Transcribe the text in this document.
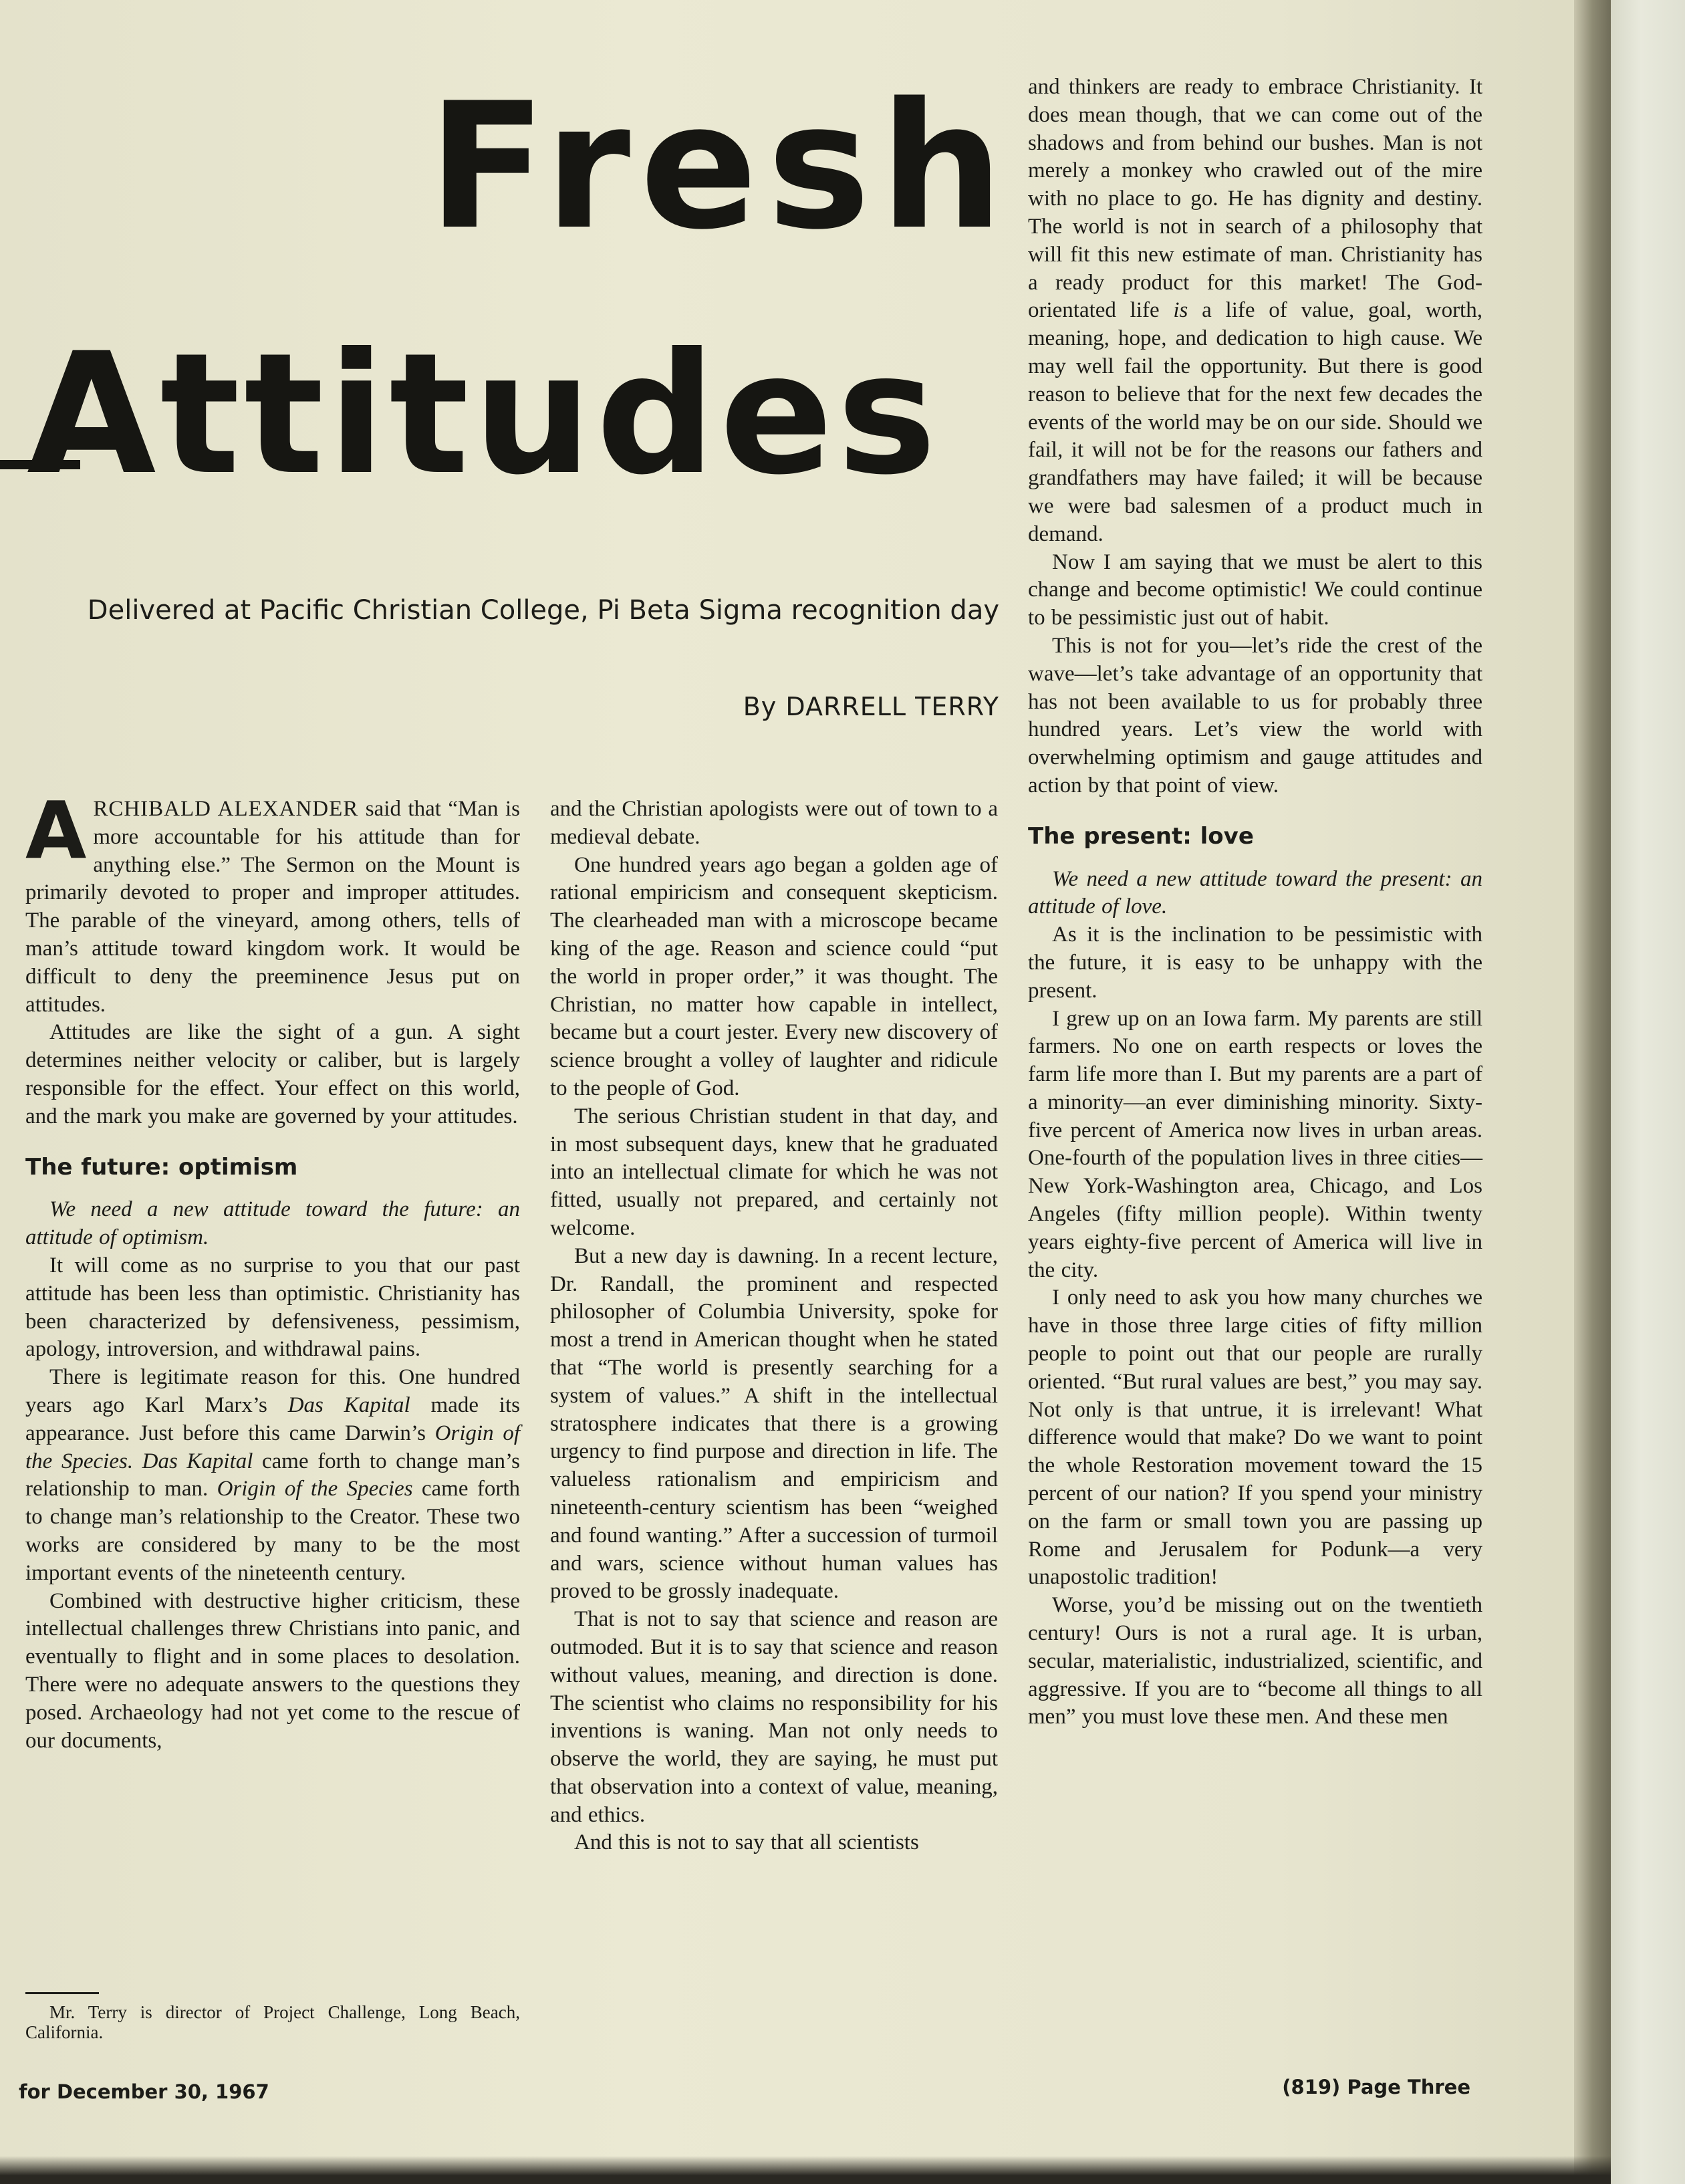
Fresh
Attitudes
Delivered at Pacific Christian College, Pi Beta Sigma recognition day
By DARRELL TERRY

ARCHIBALD ALEXANDER said that “Man is more accountable for his attitude than for anything else.” The Sermon on the Mount is primarily devoted to proper and improper attitudes. The parable of the vineyard, among others, tells of man’s attitude toward kingdom work. It would be difficult to deny the preeminence Jesus put on attitudes.

Attitudes are like the sight of a gun. A sight determines neither velocity or caliber, but is largely responsible for the effect. Your effect on this world, and the mark you make are governed by your attitudes.

The future: optimism

We need a new attitude toward the future: an attitude of optimism.

It will come as no surprise to you that our past attitude has been less than optimistic. Christianity has been characterized by defensiveness, pessimism, apology, introversion, and withdrawal pains.

There is legitimate reason for this. One hundred years ago Karl Marx’s Das Kapital made its appearance. Just before this came Darwin’s Origin of the Species. Das Kapital came forth to change man’s relationship to man. Origin of the Species came forth to change man’s relationship to the Creator. These two works are considered by many to be the most important events of the nineteenth century.

Combined with destructive higher criticism, these intellectual challenges threw Christians into panic, and eventually to flight and in some places to desolation. There were no adequate answers to the questions they posed. Archaeology had not yet come to the rescue of our documents,

Mr. Terry is director of Project Challenge, Long Beach, California.

and the Christian apologists were out of town to a medieval debate.

One hundred years ago began a golden age of rational empiricism and consequent skepticism. The clearheaded man with a microscope became king of the age. Reason and science could “put the world in proper order,” it was thought. The Christian, no matter how capable in intellect, became but a court jester. Every new discovery of science brought a volley of laughter and ridicule to the people of God.

The serious Christian student in that day, and in most subsequent days, knew that he graduated into an intellectual climate for which he was not fitted, usually not prepared, and certainly not welcome.

But a new day is dawning. In a recent lecture, Dr. Randall, the prominent and respected philosopher of Columbia University, spoke for most a trend in American thought when he stated that “The world is presently searching for a system of values.” A shift in the intellectual stratosphere indicates that there is a growing urgency to find purpose and direction in life. The valueless rationalism and empiricism and nineteenth-century scientism has been “weighed and found wanting.” After a succession of turmoil and wars, science without human values has proved to be grossly inadequate.

That is not to say that science and reason are outmoded. But it is to say that science and reason without values, meaning, and direction is done. The scientist who claims no responsibility for his inventions is waning. Man not only needs to observe the world, they are saying, he must put that observation into a context of value, meaning, and ethics.

And this is not to say that all scientists

and thinkers are ready to embrace Christianity. It does mean though, that we can come out of the shadows and from behind our bushes. Man is not merely a monkey who crawled out of the mire with no place to go. He has dignity and destiny. The world is not in search of a philosophy that will fit this new estimate of man. Christianity has a ready product for this market! The God-orientated life is a life of value, goal, worth, meaning, hope, and dedication to high cause. We may well fail the opportunity. But there is good reason to believe that for the next few decades the events of the world may be on our side. Should we fail, it will not be for the reasons our fathers and grandfathers may have failed; it will be because we were bad salesmen of a product much in demand.

Now I am saying that we must be alert to this change and become optimistic! We could continue to be pessimistic just out of habit.

This is not for you—let’s ride the crest of the wave—let’s take advantage of an opportunity that has not been available to us for probably three hundred years. Let’s view the world with overwhelming optimism and gauge attitudes and action by that point of view.

The present: love

We need a new attitude toward the present: an attitude of love.

As it is the inclination to be pessimistic with the future, it is easy to be unhappy with the present.

I grew up on an Iowa farm. My parents are still farmers. No one on earth respects or loves the farm life more than I. But my parents are a part of a minority—an ever diminishing minority. Sixty-five percent of America now lives in urban areas. One-fourth of the population lives in three cities—New York-Washington area, Chicago, and Los Angeles (fifty million people). Within twenty years eighty-five percent of America will live in the city.

I only need to ask you how many churches we have in those three large cities of fifty million people to point out that our people are rurally oriented. “But rural values are best,” you may say. Not only is that untrue, it is irrelevant! What difference would that make? Do we want to point the whole Restoration movement toward the 15 percent of our nation? If you spend your ministry on the farm or small town you are passing up Rome and Jerusalem for Podunk—a very unapostolic tradition!

Worse, you’d be missing out on the twentieth century! Ours is not a rural age. It is urban, secular, materialistic, industrialized, scientific, and aggressive. If you are to “become all things to all men” you must love these men. And these men

for December 30, 1967	(819) Page Three
